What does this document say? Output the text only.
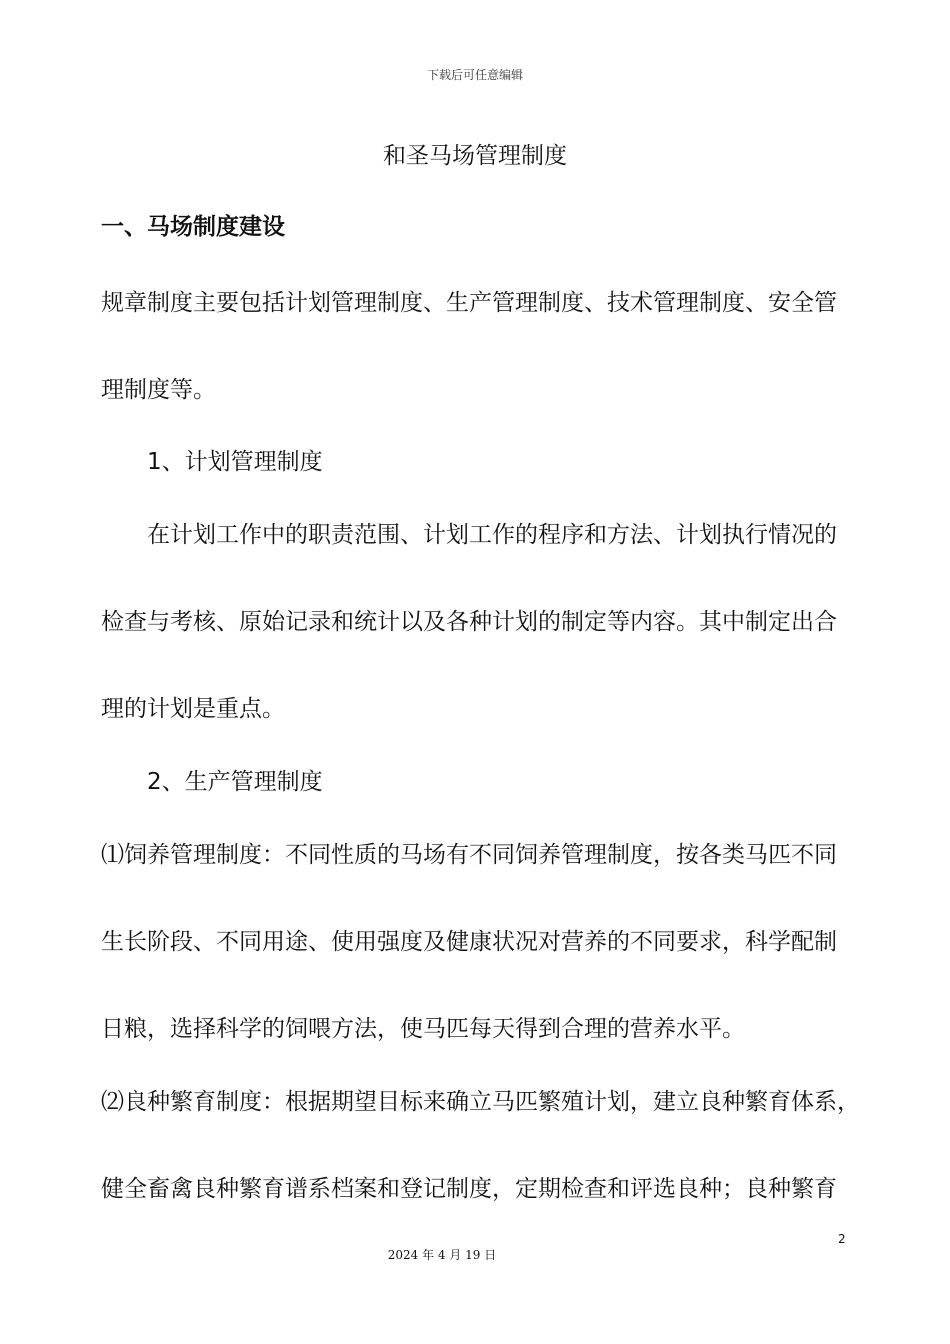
下载后可任意编辑
和圣马场管理制度
一、马场制度建设
规章制度主要包括计划管理制度、生产管理制度、技术管理制度、安全管
理制度等。
1、计划管理制度
在计划工作中的职责范围、计划工作的程序和方法、计划执行情况的
检查与考核、原始记录和统计以及各种计划的制定等内容。其中制定出合
理的计划是重点。
2、生产管理制度
⑴饲养管理制度：不同性质的马场有不同饲养管理制度，按各类马匹不同
生长阶段、不同用途、使用强度及健康状况对营养的不同要求，科学配制
日粮，选择科学的饲喂方法，使马匹每天得到合理的营养水平。
⑵良种繁育制度：根据期望目标来确立马匹繁殖计划，建立良种繁育体系，
健全畜禽良种繁育谱系档案和登记制度，定期检查和评选良种；良种繁育
2
2024 年 4 月 19 日
